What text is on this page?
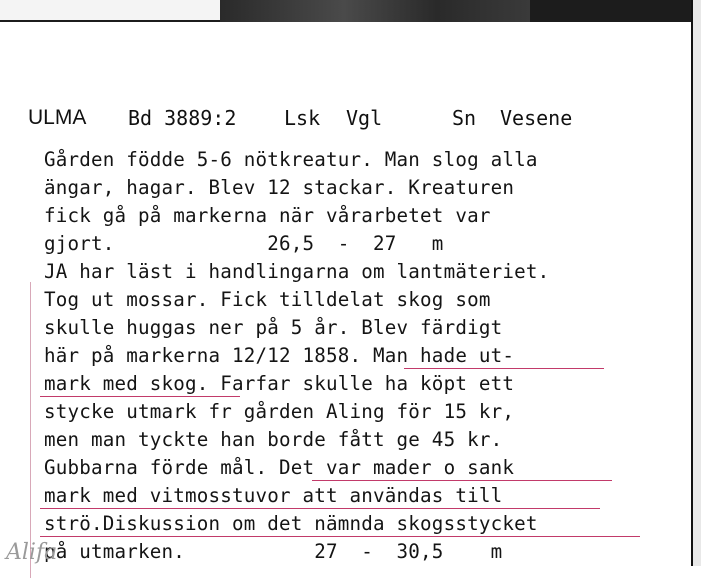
ULMA Bd 3889:2 Lsk Vgl	Sn Vesene
Gården födde 5-6 nötkreatur. Man slog alla
ängar, hagar. Blev 12 stackar. Kreaturen
fick gå på markerna när vårarbetet var
gjort.             26,5  -  27   m
JA har läst i handlingarna om lantmäteriet.
Tog ut mossar. Fick tilldelat skog som
skulle huggas ner på 5 år. Blev färdigt
här på markerna 12/12 1858. Man hade ut-
mark med skog. Farfar skulle ha köpt ett
stycke utmark fr gården Aling för 15 kr,
men man tyckte han borde fått ge 45 kr.
Gubbarna förde mål. Det var mader o sank
mark med vitmosstuvor att användas till
strö.Diskussion om det nämnda skogsstycket
på utmarken.           27  -  30,5    m
Alifa
